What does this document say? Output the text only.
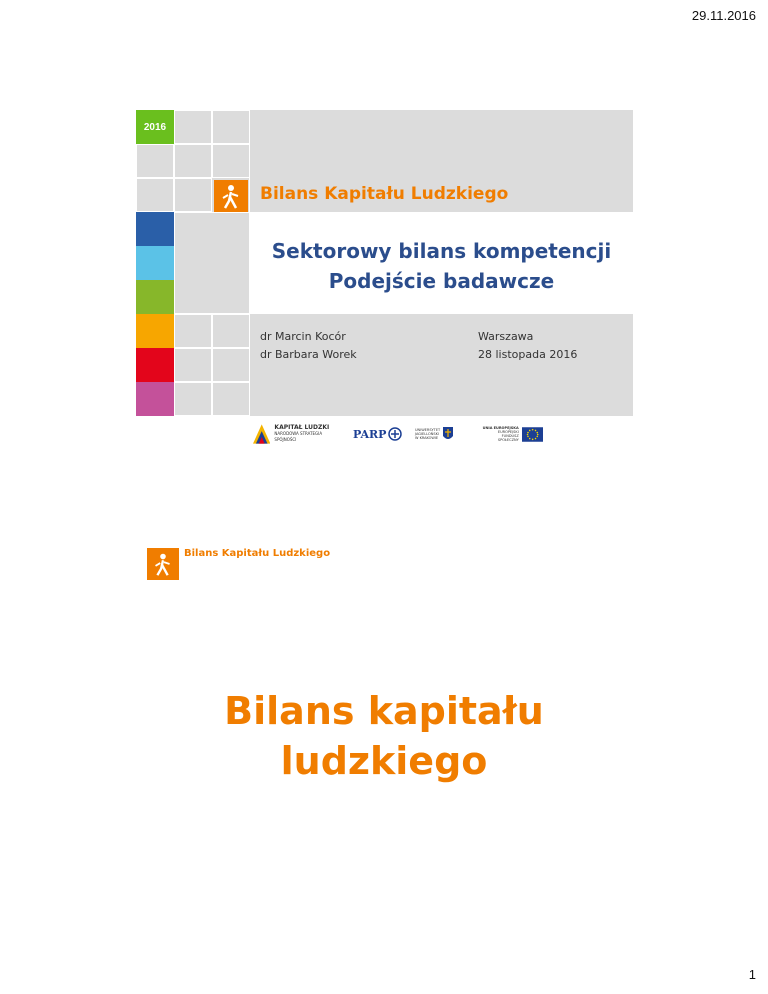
29.11.2016
2016
Bilans Kapitału Ludzkiego
Sektorowy bilans kompetencji
Podejście badawcze
dr Marcin Kocór
dr Barbara Worek
Warszawa
28 listopada 2016
KAPITAŁ LUDZKI
NARODOWA STRATEGIA SPÓJNOŚCI	PARP	UNIWERSYTET
JAGIELLOŃSKI
W KRAKOWIE
UNIA EUROPEJSKA
EUROPEJSKI
FUNDUSZ SPOŁECZNY
Bilans Kapitału Ludzkiego
Bilans kapitału
ludzkiego
1
